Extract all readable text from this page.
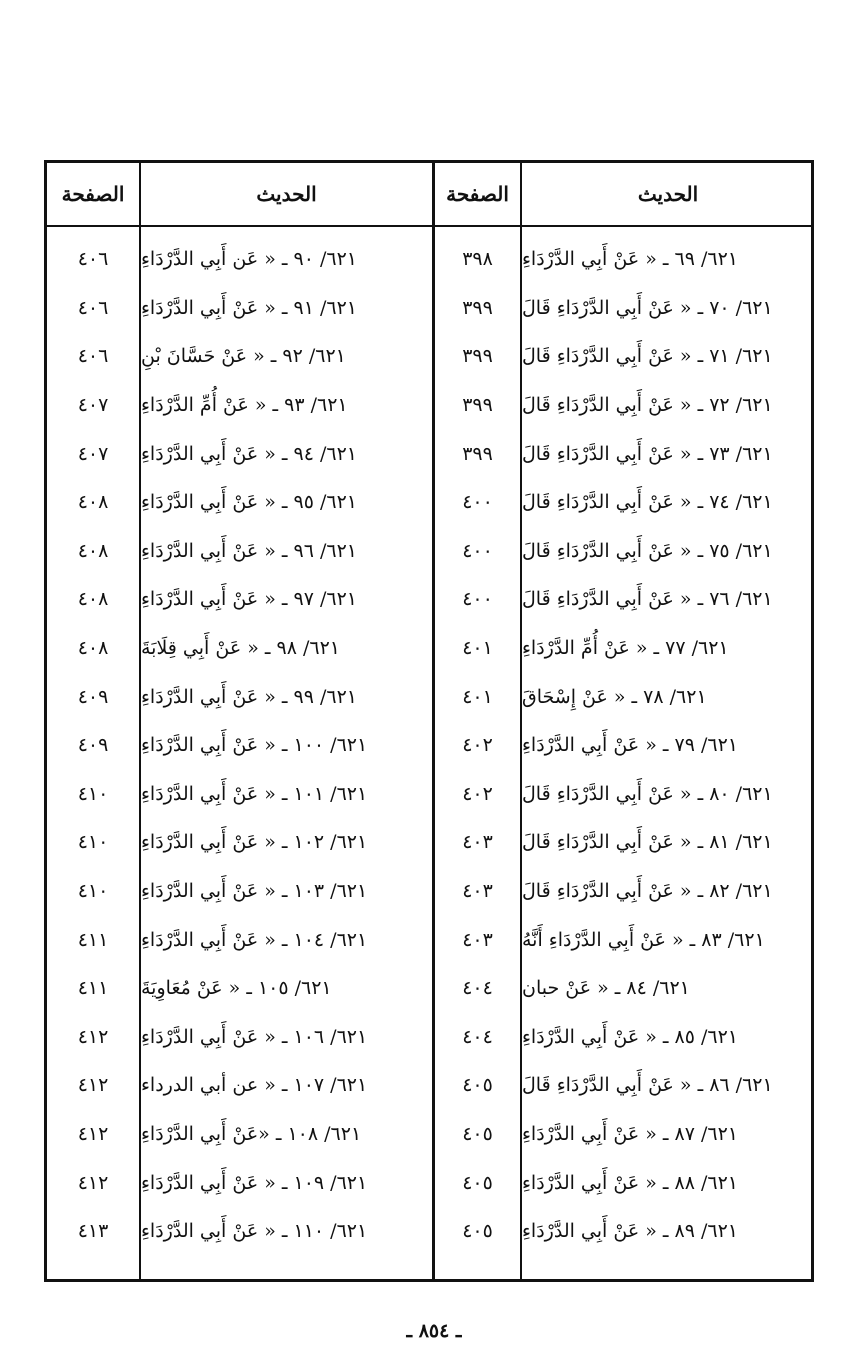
الحديث
الصفحة
الحديث
الصفحة
٦٢١/ ٦٩ ـ « عَنْ أَبِي الدَّرْدَاءِ
٣٩٨
٦٢١/ ٩٠ ـ « عَن أَبِي الدَّرْدَاءِ
٤٠٦
٦٢١/ ٧٠ ـ « عَنْ أَبِي الدَّرْدَاءِ قَالَ
٣٩٩
٦٢١/ ٩١ ـ « عَنْ أَبِي الدَّرْدَاءِ
٤٠٦
٦٢١/ ٧١ ـ « عَنْ أَبِي الدَّرْدَاءِ قَالَ
٣٩٩
٦٢١/ ٩٢ ـ « عَنْ حَسَّانَ بْنِ
٤٠٦
٦٢١/ ٧٢ ـ « عَنْ أَبِي الدَّرْدَاءِ قَالَ
٣٩٩
٦٢١/ ٩٣ ـ « عَنْ أُمِّ الدَّرْدَاءِ
٤٠٧
٦٢١/ ٧٣ ـ « عَنْ أَبِي الدَّرْدَاءِ قَالَ
٣٩٩
٦٢١/ ٩٤ ـ « عَنْ أَبِي الدَّرْدَاءِ
٤٠٧
٦٢١/ ٧٤ ـ « عَنْ أَبِي الدَّرْدَاءِ قَالَ
٤٠٠
٦٢١/ ٩٥ ـ « عَنْ أَبِي الدَّرْدَاءِ
٤٠٨
٦٢١/ ٧٥ ـ « عَنْ أَبِي الدَّرْدَاءِ قَالَ
٤٠٠
٦٢١/ ٩٦ ـ « عَنْ أَبِي الدَّرْدَاءِ
٤٠٨
٦٢١/ ٧٦ ـ « عَنْ أَبِي الدَّرْدَاءِ قَالَ
٤٠٠
٦٢١/ ٩٧ ـ « عَنْ أَبِي الدَّرْدَاءِ
٤٠٨
٦٢١/ ٧٧ ـ « عَنْ أُمِّ الدَّرْدَاءِ
٤٠١
٦٢١/ ٩٨ ـ « عَنْ أَبِي قِلَابَةَ
٤٠٨
٦٢١/ ٧٨ ـ « عَنْ إِسْحَاقَ
٤٠١
٦٢١/ ٩٩ ـ « عَنْ أَبِي الدَّرْدَاءِ
٤٠٩
٦٢١/ ٧٩ ـ « عَنْ أَبِي الدَّرْدَاءِ
٤٠٢
٦٢١/ ١٠٠ ـ « عَنْ أَبِي الدَّرْدَاءِ
٤٠٩
٦٢١/ ٨٠ ـ « عَنْ أَبِي الدَّرْدَاءِ قَالَ
٤٠٢
٦٢١/ ١٠١ ـ « عَنْ أَبِي الدَّرْدَاءِ
٤١٠
٦٢١/ ٨١ ـ « عَنْ أَبِي الدَّرْدَاءِ قَالَ
٤٠٣
٦٢١/ ١٠٢ ـ « عَنْ أَبِي الدَّرْدَاءِ
٤١٠
٦٢١/ ٨٢ ـ « عَنْ أَبِي الدَّرْدَاءِ قَالَ
٤٠٣
٦٢١/ ١٠٣ ـ « عَنْ أَبِي الدَّرْدَاءِ
٤١٠
٦٢١/ ٨٣ ـ « عَنْ أَبِي الدَّرْدَاءِ أَنَّهُ
٤٠٣
٦٢١/ ١٠٤ ـ « عَنْ أَبِي الدَّرْدَاءِ
٤١١
٦٢١/ ٨٤ ـ « عَنْ حبان
٤٠٤
٦٢١/ ١٠٥ ـ « عَنْ مُعَاوِيَةَ
٤١١
٦٢١/ ٨٥ ـ « عَنْ أَبِي الدَّرْدَاءِ
٤٠٤
٦٢١/ ١٠٦ ـ « عَنْ أَبِي الدَّرْدَاءِ
٤١٢
٦٢١/ ٨٦ ـ « عَنْ أَبِي الدَّرْدَاءِ قَالَ
٤٠٥
٦٢١/ ١٠٧ ـ « عن أبي الدرداء
٤١٢
٦٢١/ ٨٧ ـ « عَنْ أَبِي الدَّرْدَاءِ
٤٠٥
٦٢١/ ١٠٨ ـ «عَنْ أَبِي الدَّرْدَاءِ
٤١٢
٦٢١/ ٨٨ ـ « عَنْ أَبِي الدَّرْدَاءِ
٤٠٥
٦٢١/ ١٠٩ ـ « عَنْ أَبِي الدَّرْدَاءِ
٤١٢
٦٢١/ ٨٩ ـ « عَنْ أَبِي الدَّرْدَاءِ
٤٠٥
٦٢١/ ١١٠ ـ « عَنْ أَبِي الدَّرْدَاءِ
٤١٣
ـ ٨٥٤ ـ
